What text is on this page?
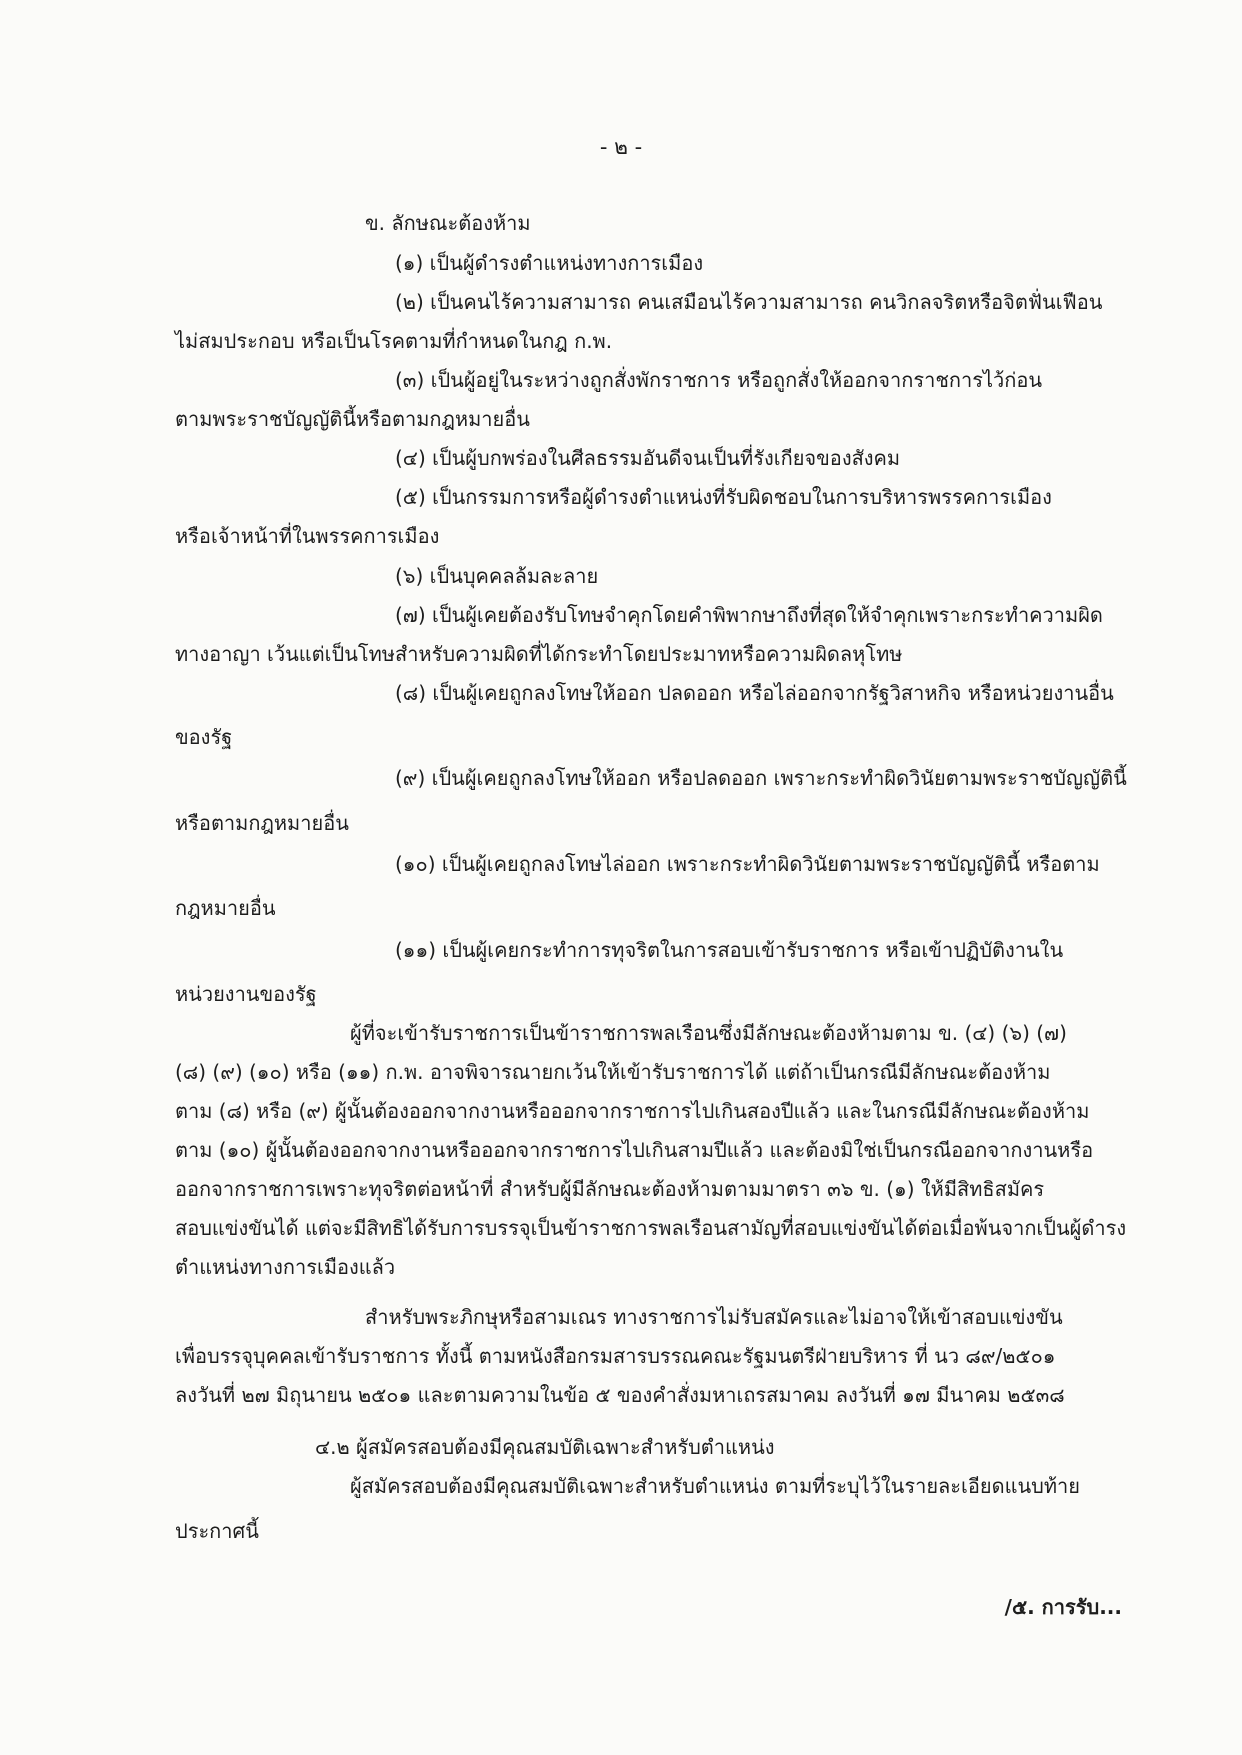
- ๒ -
ข. ลักษณะต้องห้าม
(๑) เป็นผู้ดำรงตำแหน่งทางการเมือง
(๒) เป็นคนไร้ความสามารถ คนเสมือนไร้ความสามารถ คนวิกลจริตหรือจิตฟั่นเฟือน
ไม่สมประกอบ หรือเป็นโรคตามที่กำหนดในกฎ ก.พ.
(๓) เป็นผู้อยู่ในระหว่างถูกสั่งพักราชการ หรือถูกสั่งให้ออกจากราชการไว้ก่อน
ตามพระราชบัญญัตินี้หรือตามกฎหมายอื่น
(๔) เป็นผู้บกพร่องในศีลธรรมอันดีจนเป็นที่รังเกียจของสังคม
(๕) เป็นกรรมการหรือผู้ดำรงตำแหน่งที่รับผิดชอบในการบริหารพรรคการเมือง
หรือเจ้าหน้าที่ในพรรคการเมือง
(๖) เป็นบุคคลล้มละลาย
(๗) เป็นผู้เคยต้องรับโทษจำคุกโดยคำพิพากษาถึงที่สุดให้จำคุกเพราะกระทำความผิด
ทางอาญา เว้นแต่เป็นโทษสำหรับความผิดที่ได้กระทำโดยประมาทหรือความผิดลหุโทษ
(๘) เป็นผู้เคยถูกลงโทษให้ออก ปลดออก หรือไล่ออกจากรัฐวิสาหกิจ หรือหน่วยงานอื่น
ของรัฐ
(๙) เป็นผู้เคยถูกลงโทษให้ออก หรือปลดออก เพราะกระทำผิดวินัยตามพระราชบัญญัตินี้
หรือตามกฎหมายอื่น
(๑๐) เป็นผู้เคยถูกลงโทษไล่ออก เพราะกระทำผิดวินัยตามพระราชบัญญัตินี้ หรือตาม
กฎหมายอื่น
(๑๑) เป็นผู้เคยกระทำการทุจริตในการสอบเข้ารับราชการ หรือเข้าปฏิบัติงานใน
หน่วยงานของรัฐ
ผู้ที่จะเข้ารับราชการเป็นข้าราชการพลเรือนซึ่งมีลักษณะต้องห้ามตาม ข. (๔) (๖) (๗)
(๘) (๙) (๑๐) หรือ (๑๑) ก.พ. อาจพิจารณายกเว้นให้เข้ารับราชการได้ แต่ถ้าเป็นกรณีมีลักษณะต้องห้าม
ตาม (๘) หรือ (๙) ผู้นั้นต้องออกจากงานหรือออกจากราชการไปเกินสองปีแล้ว และในกรณีมีลักษณะต้องห้าม
ตาม (๑๐) ผู้นั้นต้องออกจากงานหรือออกจากราชการไปเกินสามปีแล้ว และต้องมิใช่เป็นกรณีออกจากงานหรือ
ออกจากราชการเพราะทุจริตต่อหน้าที่ สำหรับผู้มีลักษณะต้องห้ามตามมาตรา ๓๖ ข. (๑) ให้มีสิทธิสมัคร
สอบแข่งขันได้ แต่จะมีสิทธิได้รับการบรรจุเป็นข้าราชการพลเรือนสามัญที่สอบแข่งขันได้ต่อเมื่อพ้นจากเป็นผู้ดำรง
ตำแหน่งทางการเมืองแล้ว
สำหรับพระภิกษุหรือสามเณร ทางราชการไม่รับสมัครและไม่อาจให้เข้าสอบแข่งขัน
เพื่อบรรจุบุคคลเข้ารับราชการ ทั้งนี้ ตามหนังสือกรมสารบรรณคณะรัฐมนตรีฝ่ายบริหาร ที่ นว ๘๙/๒๕๐๑
ลงวันที่ ๒๗ มิถุนายน ๒๕๐๑ และตามความในข้อ ๕ ของคำสั่งมหาเถรสมาคม ลงวันที่ ๑๗ มีนาคม ๒๕๓๘
๔.๒ ผู้สมัครสอบต้องมีคุณสมบัติเฉพาะสำหรับตำแหน่ง
ผู้สมัครสอบต้องมีคุณสมบัติเฉพาะสำหรับตำแหน่ง ตามที่ระบุไว้ในรายละเอียดแนบท้าย
ประกาศนี้
/๕. การรับ...
